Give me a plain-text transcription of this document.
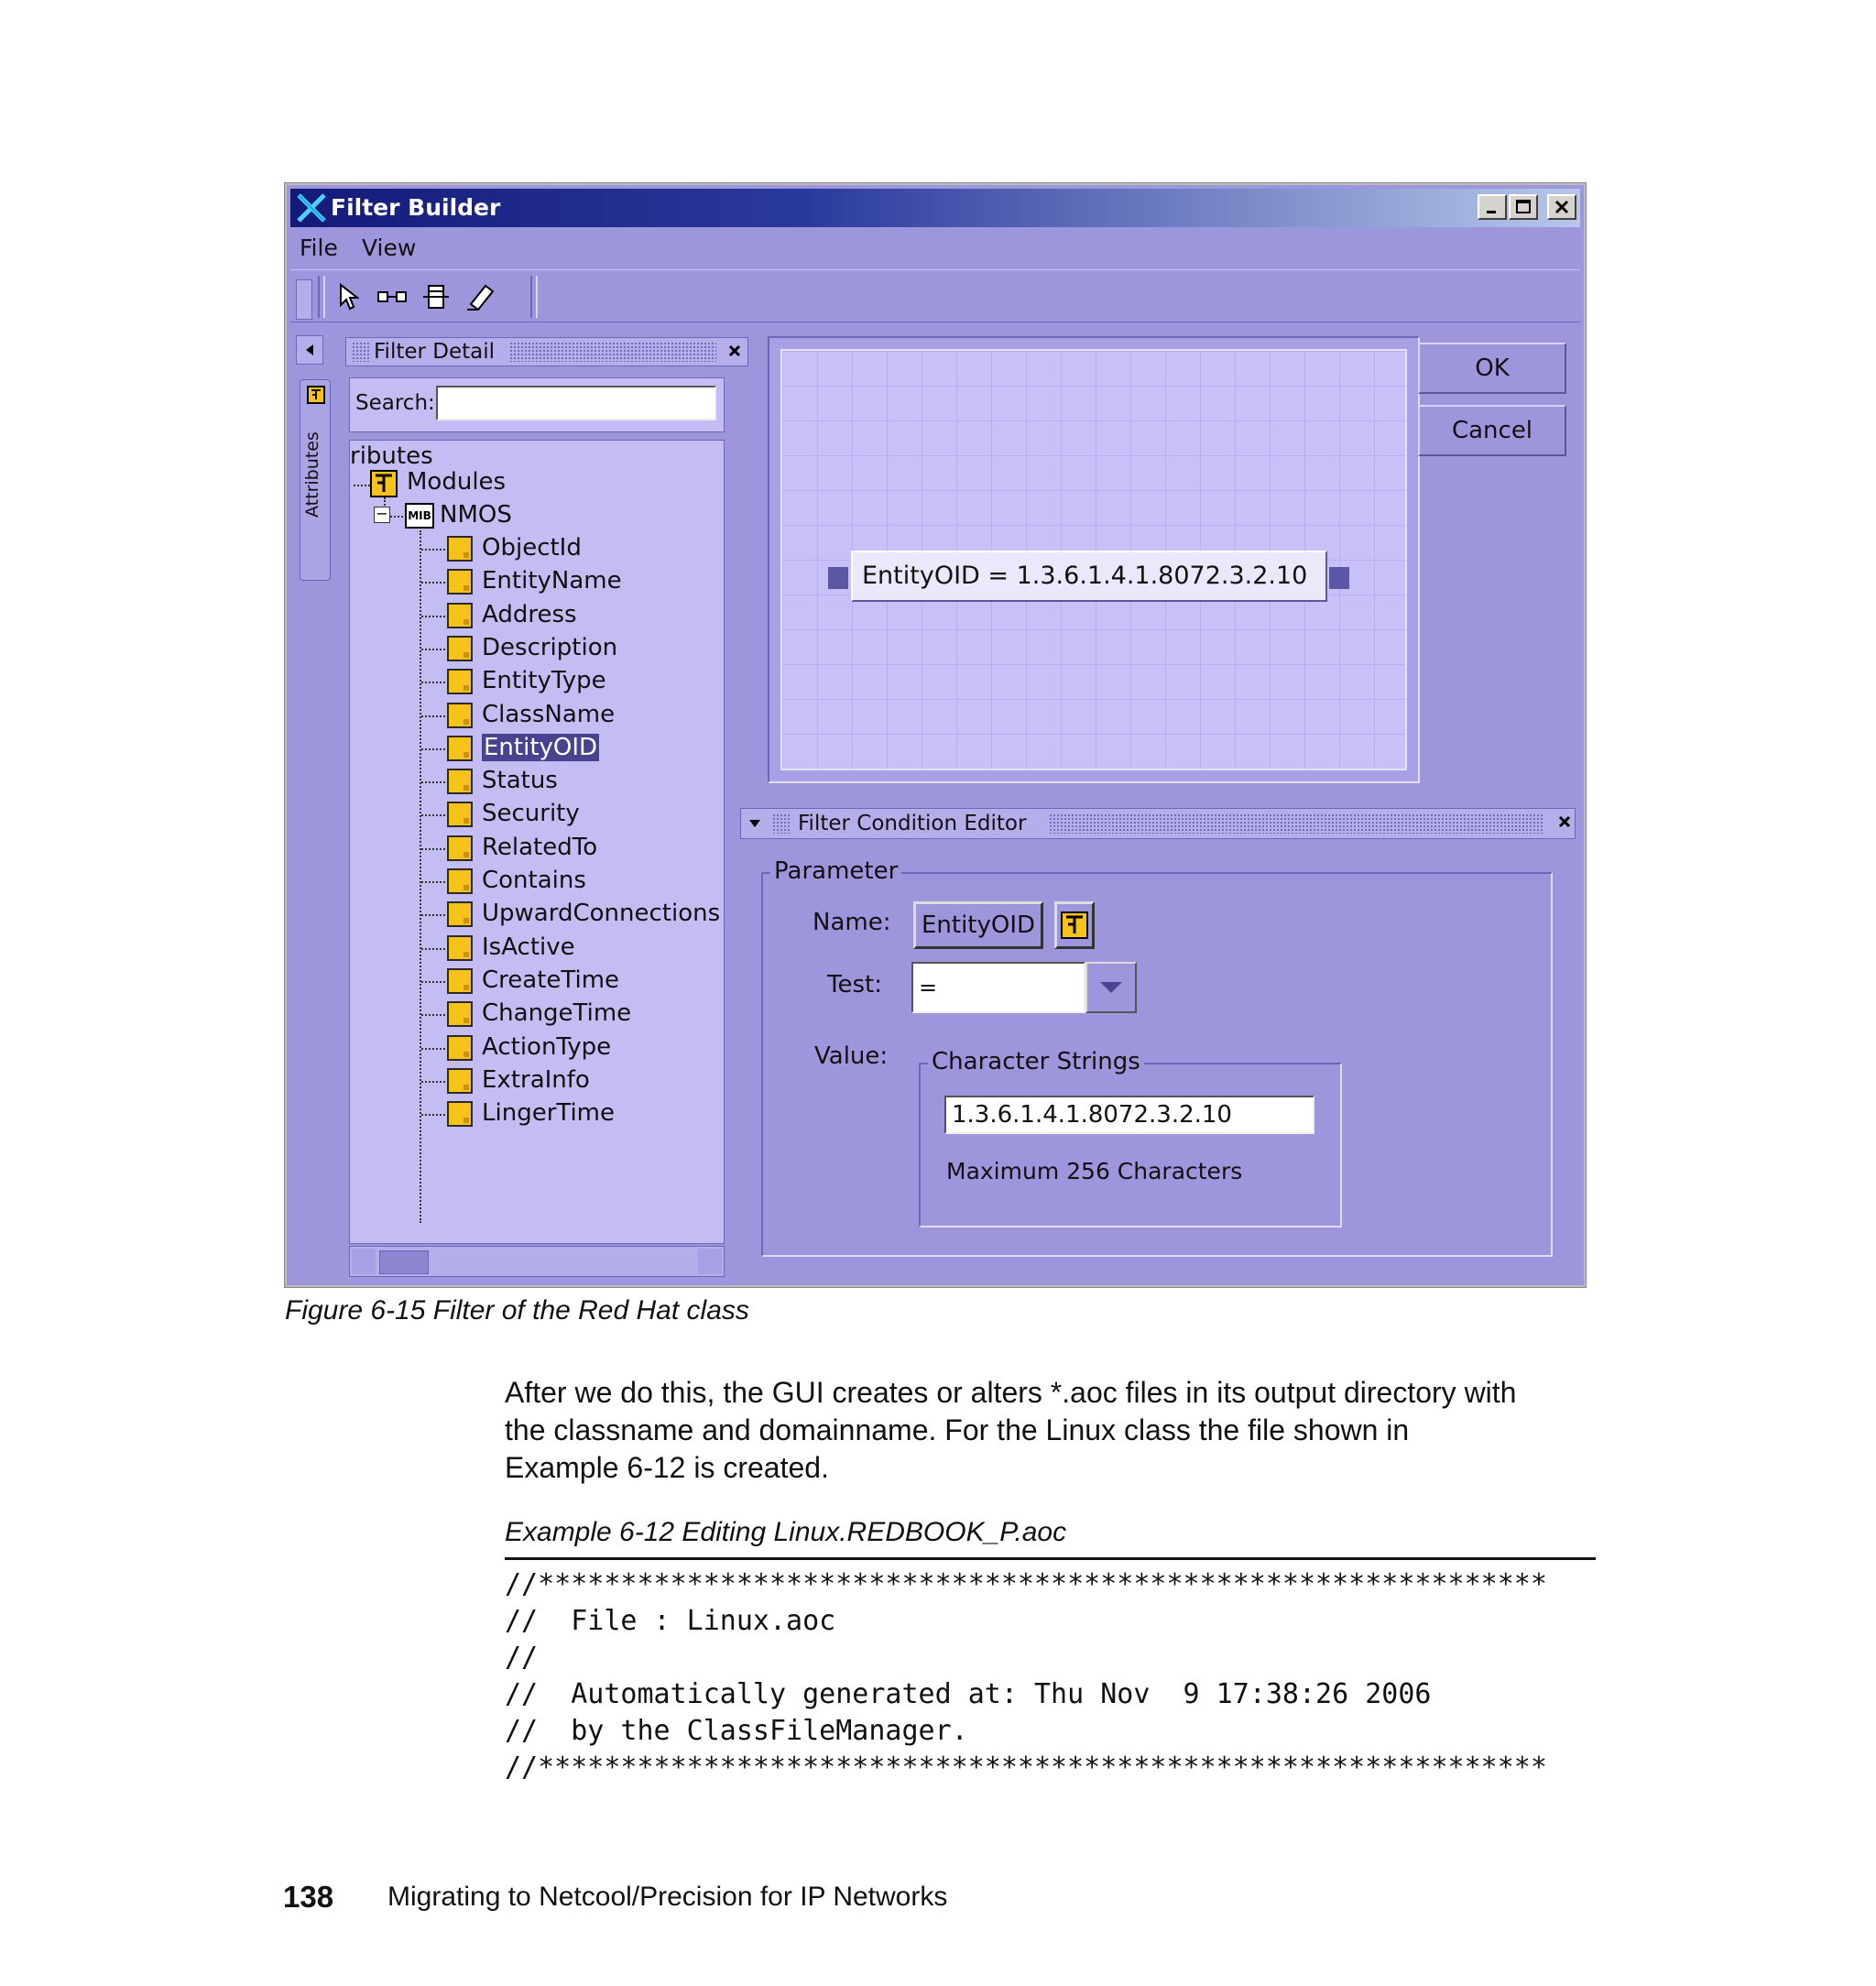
Filter Builder
File View
Filter Detail
Attributes
Search:
ributes
Modules
− MIB NMOS
ObjectId
EntityName
Address
Description
EntityType
ClassName
EntityOID
Status
Security
RelatedTo
Contains
UpwardConnections
IsActive
CreateTime
ChangeTime
ActionType
ExtraInfo
LingerTime
EntityOID = 1.3.6.1.4.1.8072.3.2.10
OK
Cancel
Filter Condition Editor
Parameter
Name:	EntityOID
Test:	=
Value: Character Strings
1.3.6.1.4.1.8072.3.2.10
Maximum 256 Characters
Figure 6-15 Filter of the Red Hat class
After we do this, the GUI creates or alters *.aoc files in its output directory with
the classname and domainname. For the Linux class the file shown in
Example 6-12 is created.
Example 6-12 Editing Linux.REDBOOK_P.aoc
//*************************************************************
//  File : Linux.aoc
//
//  Automatically generated at: Thu Nov  9 17:38:26 2006
//  by the ClassFileManager.
//*************************************************************
138 Migrating to Netcool/Precision for IP Networks
